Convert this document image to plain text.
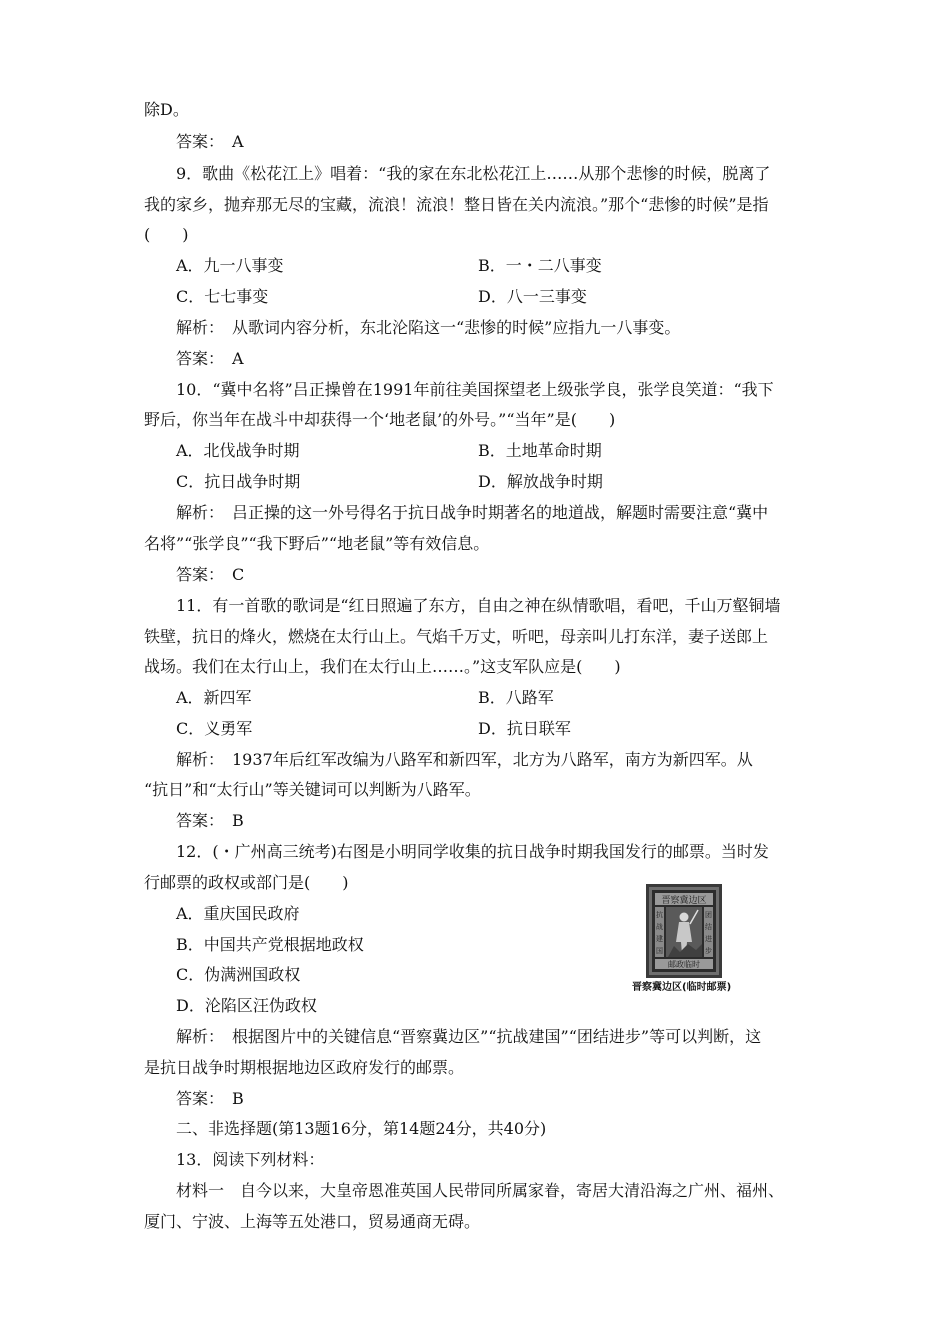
除D。
答案：　A
9．歌曲《松花江上》唱着：“我的家在东北松花江上……从那个悲惨的时候，脱离了
我的家乡，抛弃那无尽的宝藏，流浪！流浪！整日皆在关内流浪。”那个“悲惨的时候”是指
(　　)
A．九一八事变	B．一・二八事变
C．七七事变	D．八一三事变
解析：　从歌词内容分析，东北沦陷这一“悲惨的时候”应指九一八事变。
答案：　A
10．“冀中名将”吕正操曾在1991年前往美国探望老上级张学良，张学良笑道：“我下
野后，你当年在战斗中却获得一个‘地老鼠’的外号。”“当年”是(　　)
A．北伐战争时期	B．土地革命时期
C．抗日战争时期	D．解放战争时期
解析：　吕正操的这一外号得名于抗日战争时期著名的地道战，解题时需要注意“冀中
名将”“张学良”“我下野后”“地老鼠”等有效信息。
答案：　C
11．有一首歌的歌词是“红日照遍了东方，自由之神在纵情歌唱，看吧，千山万壑铜墙
铁壁，抗日的烽火，燃烧在太行山上。气焰千万丈，听吧，母亲叫儿打东洋，妻子送郎上
战场。我们在太行山上，我们在太行山上……。”这支军队应是(　　)
A．新四军	B．八路军
C．义勇军	D．抗日联军
解析：　1937年后红军改编为八路军和新四军，北方为八路军，南方为新四军。从
“抗日”和“太行山”等关键词可以判断为八路军。
答案：　B
12．(・广州高三统考)右图是小明同学收集的抗日战争时期我国发行的邮票。当时发
行邮票的政权或部门是(　　)
A．重庆国民政府
B．中国共产党根据地政权
C．伪满洲国政权
D．沦陷区汪伪政权
解析：　根据图片中的关键信息“晋察冀边区”“抗战建国”“团结进步”等可以判断，这
是抗日战争时期根据地边区政府发行的邮票。
答案：　B
二、非选择题(第13题16分，第14题24分，共40分)
13．阅读下列材料：
材料一　自今以来，大皇帝恩准英国人民带同所属家眷，寄居大清沿海之广州、福州、
厦门、宁波、上海等五处港口，贸易通商无碍。
晋察冀边区
抗
战
建
国
团
结
进
步
邮政临时
晋察冀边区(临时邮票)
